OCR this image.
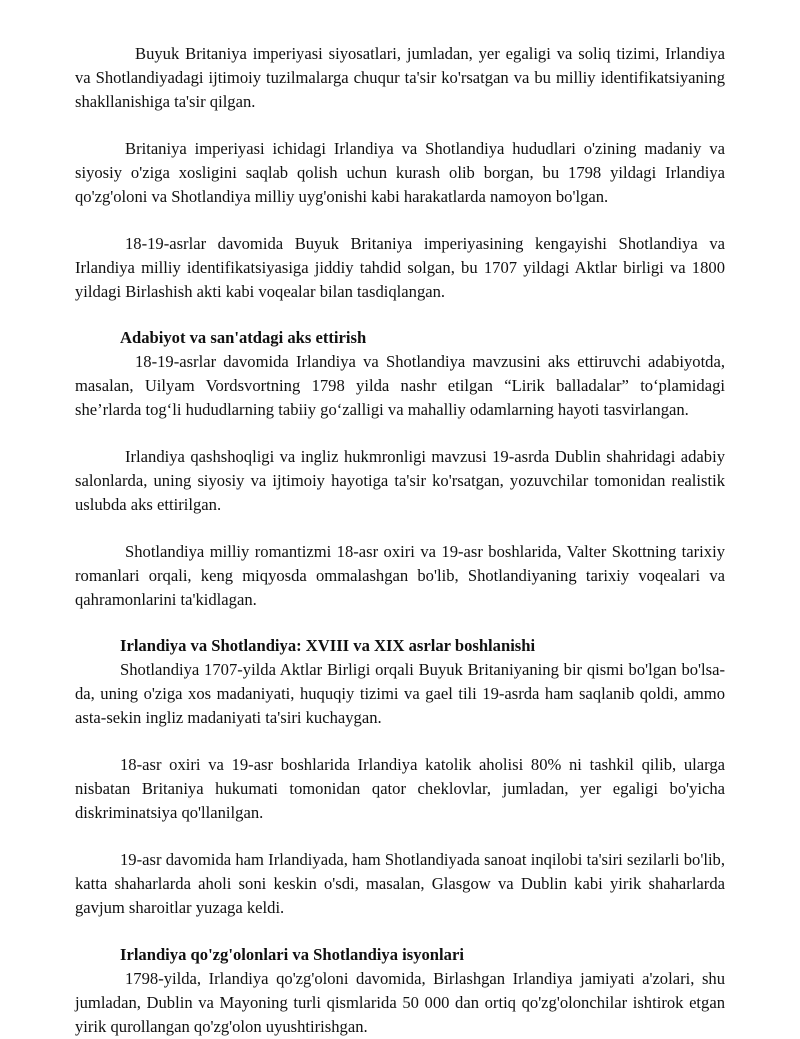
Buyuk Britaniya imperiyasi siyosatlari, jumladan, yer egaligi va soliq tizimi, Irlandiya va Shotlandiyadagi ijtimoiy tuzilmalarga chuqur ta'sir ko'rsatgan va bu milliy identifikatsiyaning shakllanishiga ta'sir qilgan.

Britaniya imperiyasi ichidagi Irlandiya va Shotlandiya hududlari o'zining madaniy va siyosiy o'ziga xosligini saqlab qolish uchun kurash olib borgan, bu 1798 yildagi Irlandiya qo'zg'oloni va Shotlandiya milliy uyg'onishi kabi harakatlarda namoyon bo'lgan.

18-19-asrlar davomida Buyuk Britaniya imperiyasining kengayishi Shotlandiya va Irlandiya milliy identifikatsiyasiga jiddiy tahdid solgan, bu 1707 yildagi Aktlar birligi va 1800 yildagi Birlashish akti kabi voqealar bilan tasdiqlangan.

Adabiyot va san'atdagi aks ettirish

18-19-asrlar davomida Irlandiya va Shotlandiya mavzusini aks ettiruvchi adabiyotda, masalan, Uilyam Vordsvortning 1798 yilda nashr etilgan “Lirik balladalar” to‘plamidagi she’rlarda tog‘li hududlarning tabiiy go‘zalligi va mahalliy odamlarning hayoti tasvirlangan.

Irlandiya qashshoqligi va ingliz hukmronligi mavzusi 19-asrda Dublin shahridagi adabiy salonlarda, uning siyosiy va ijtimoiy hayotiga ta'sir ko'rsatgan, yozuvchilar tomonidan realistik uslubda aks ettirilgan.

Shotlandiya milliy romantizmi 18-asr oxiri va 19-asr boshlarida, Valter Skottning tarixiy romanlari orqali, keng miqyosda ommalashgan bo'lib, Shotlandiyaning tarixiy voqealari va qahramonlarini ta'kidlagan.

Irlandiya va Shotlandiya: XVIII va XIX asrlar boshlanishi

Shotlandiya 1707-yilda Aktlar Birligi orqali Buyuk Britaniyaning bir qismi bo'lgan bo'lsa-da, uning o'ziga xos madaniyati, huquqiy tizimi va gael tili 19-asrda ham saqlanib qoldi, ammo asta-sekin ingliz madaniyati ta'siri kuchaygan.

18-asr oxiri va 19-asr boshlarida Irlandiya katolik aholisi 80% ni tashkil qilib, ularga nisbatan Britaniya hukumati tomonidan qator cheklovlar, jumladan, yer egaligi bo'yicha diskriminatsiya qo'llanilgan.

19-asr davomida ham Irlandiyada, ham Shotlandiyada sanoat inqilobi ta'siri sezilarli bo'lib, katta shaharlarda aholi soni keskin o'sdi, masalan, Glasgow va Dublin kabi yirik shaharlarda gavjum sharoitlar yuzaga keldi.

Irlandiya qo'zg'olonlari va Shotlandiya isyonlari

1798-yilda, Irlandiya qo'zg'oloni davomida, Birlashgan Irlandiya jamiyati a'zolari, shu jumladan, Dublin va Mayoning turli qismlarida 50 000 dan ortiq qo'zg'olonchilar ishtirok etgan yirik qurollangan qo'zg'olon uyushtirishgan.
